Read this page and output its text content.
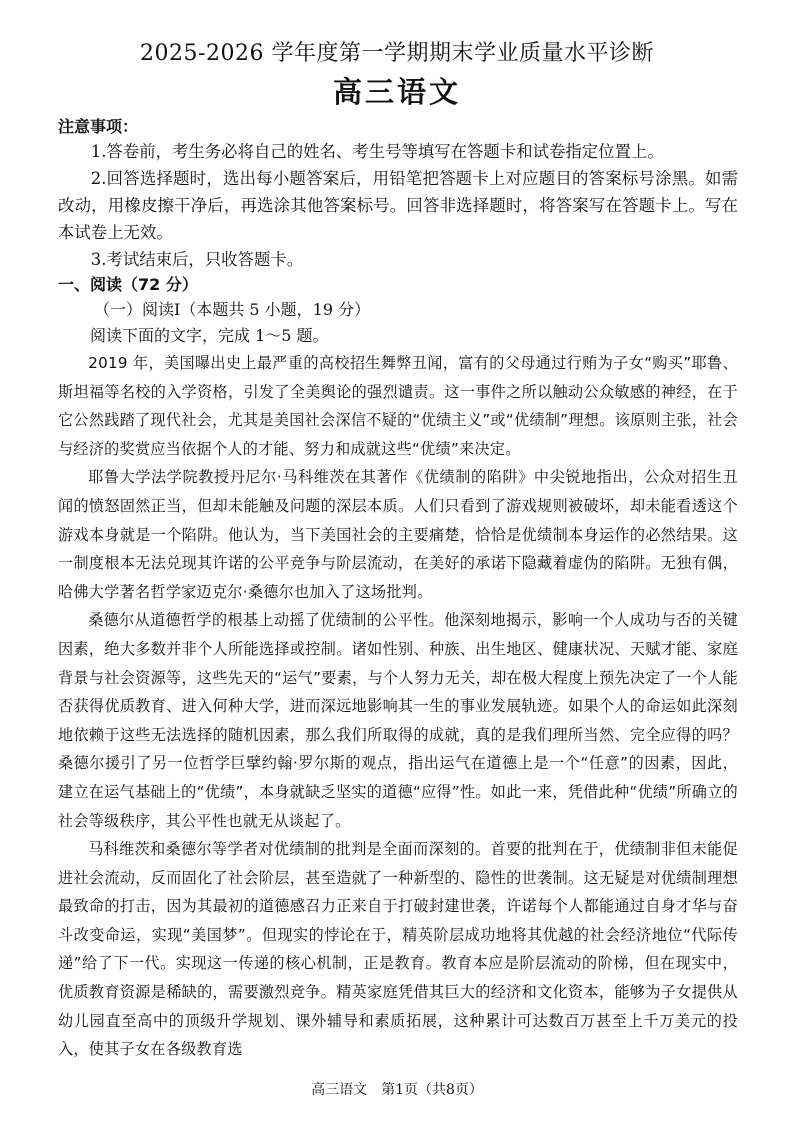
2025-2026 学年度第一学期期末学业质量水平诊断
高三语文

注意事项：

1.答卷前，考生务必将自己的姓名、考生号等填写在答题卡和试卷指定位置上。

2.回答选择题时，选出每小题答案后，用铅笔把答题卡上对应题目的答案标号涂黑。如需改动，用橡皮擦干净后，再选涂其他答案标号。回答非选择题时，将答案写在答题卡上。写在本试卷上无效。

3.考试结束后，只收答题卡。

一、阅读（72 分）

（一）阅读Ⅰ（本题共 5 小题，19 分）

阅读下面的文字，完成 1～5 题。

2019 年，美国曝出史上最严重的高校招生舞弊丑闻，富有的父母通过行贿为子女“购买”耶鲁、斯坦福等名校的入学资格，引发了全美舆论的强烈谴责。这一事件之所以触动公众敏感的神经，在于它公然践踏了现代社会，尤其是美国社会深信不疑的“优绩主义”或“优绩制”理想。该原则主张，社会与经济的奖赏应当依据个人的才能、努力和成就这些“优绩”来决定。

耶鲁大学法学院教授丹尼尔·马科维茨在其著作《优绩制的陷阱》中尖锐地指出，公众对招生丑闻的愤怒固然正当，但却未能触及问题的深层本质。人们只看到了游戏规则被破坏，却未能看透这个游戏本身就是一个陷阱。他认为，当下美国社会的主要痛楚，恰恰是优绩制本身运作的必然结果。这一制度根本无法兑现其许诺的公平竞争与阶层流动，在美好的承诺下隐藏着虚伪的陷阱。无独有偶，哈佛大学著名哲学家迈克尔·桑德尔也加入了这场批判。

桑德尔从道德哲学的根基上动摇了优绩制的公平性。他深刻地揭示，影响一个人成功与否的关键因素，绝大多数并非个人所能选择或控制。诸如性别、种族、出生地区、健康状况、天赋才能、家庭背景与社会资源等，这些先天的“运气”要素，与个人努力无关，却在极大程度上预先决定了一个人能否获得优质教育、进入何种大学，进而深远地影响其一生的事业发展轨迹。如果个人的命运如此深刻地依赖于这些无法选择的随机因素，那么我们所取得的成就，真的是我们理所当然、完全应得的吗？桑德尔援引了另一位哲学巨擘约翰·罗尔斯的观点，指出运气在道德上是一个“任意”的因素，因此，建立在运气基础上的“优绩”，本身就缺乏坚实的道德“应得”性。如此一来，凭借此种“优绩”所确立的社会等级秩序，其公平性也就无从谈起了。

马科维茨和桑德尔等学者对优绩制的批判是全面而深刻的。首要的批判在于，优绩制非但未能促进社会流动，反而固化了社会阶层，甚至造就了一种新型的、隐性的世袭制。这无疑是对优绩制理想最致命的打击，因为其最初的道德感召力正来自于打破封建世袭，许诺每个人都能通过自身才华与奋斗改变命运，实现“美国梦”。但现实的悖论在于，精英阶层成功地将其优越的社会经济地位“代际传递”给了下一代。实现这一传递的核心机制，正是教育。教育本应是阶层流动的阶梯，但在现实中，优质教育资源是稀缺的，需要激烈竞争。精英家庭凭借其巨大的经济和文化资本，能够为子女提供从幼儿园直至高中的顶级升学规划、课外辅导和素质拓展，这种累计可达数百万甚至上千万美元的投入，使其子女在各级教育选

高三语文　第1页（共8页）
